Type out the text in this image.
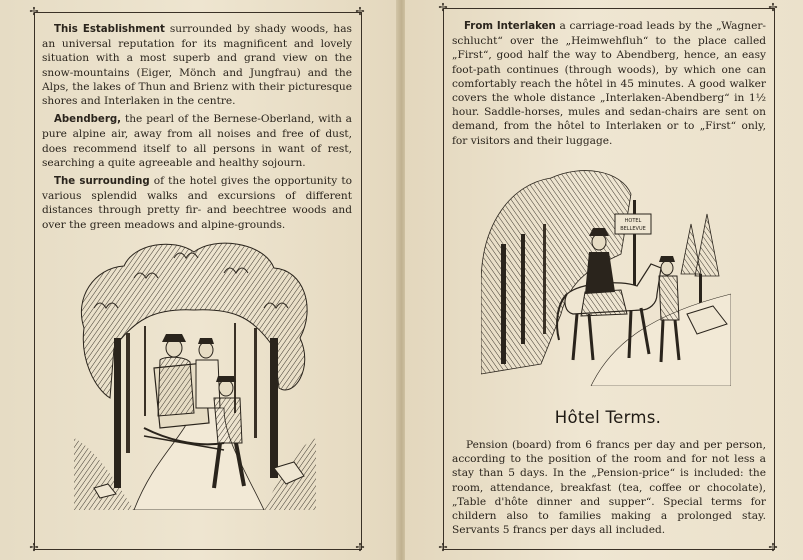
✢	✢
✢	✢

This Establishment surrounded by shady woods, has an universal reputation for its magnificent and lovely situation with a most superb and grand view on the snow-mountains (Eiger, Mönch and Jungfrau) and the Alps, the lakes of Thun and Brienz with their picturesque shores and Interlaken in the centre.

Abendberg, the pearl of the Bernese-Oberland, with a pure alpine air, away from all noises and free of dust, does recommend itself to all persons in want of rest, searching a quite agreeable and healthy sojourn.

The surrounding of the hotel gives the opportunity to various splendid walks and excursions of different distances through pretty fir- and beechtree woods and over the green meadows and alpine-grounds.

✢	✢
✢	✢

From Interlaken a carriage-road leads by the „Wagner-schlucht“ over the „Heimwehfluh“ to the place called „First“, good half the way to Abendberg, hence, an easy foot-path continues (through woods), by which one can comfortably reach the hôtel in 45 minutes. A good walker covers the whole distance „Interlaken-Abendberg“ in 1½ hour. Saddle-horses, mules and sedan-chairs are sent on demand, from the hôtel to Interlaken or to „First“ only, for visitors and their luggage.

HOTEL
BELLEVUE
Hôtel Terms.

Pension (board) from 6 francs per day and per person, according to the position of the room and for not less a stay than 5 days. In the „Pension-price“ is included: the room, attendance, breakfast (tea, coffee or chocolate), „Table d'hôte dinner and supper“. Special terms for childern also to families making a prolonged stay. Servants 5 francs per days all included.
